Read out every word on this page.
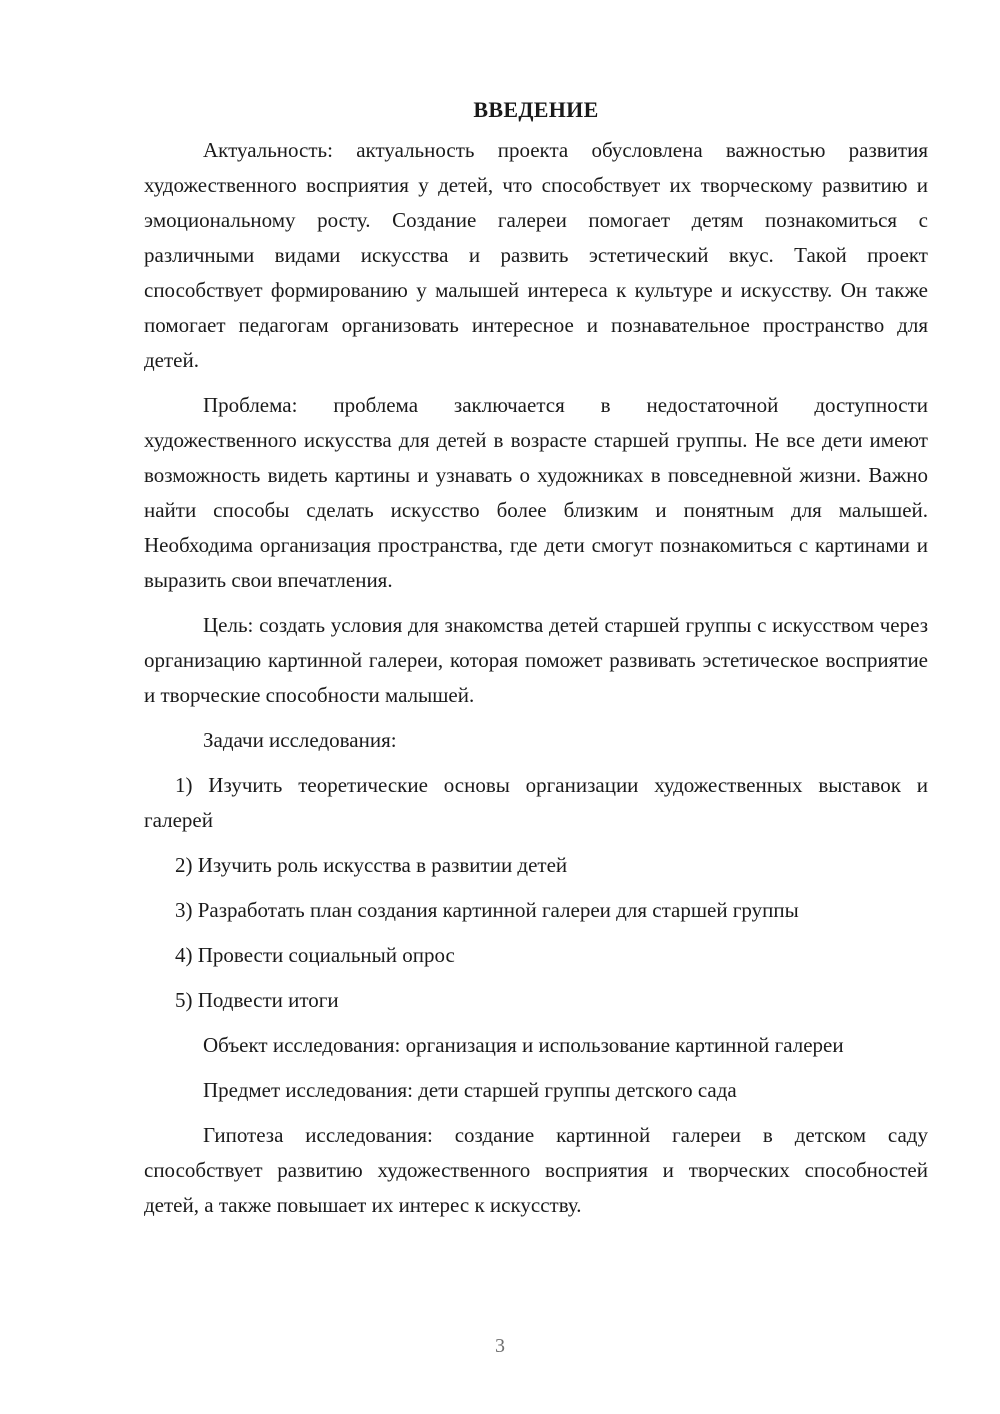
ВВЕДЕНИЕ

Актуальность: актуальность проекта обусловлена важностью развития художественного восприятия у детей, что способствует их творческому развитию и эмоциональному росту. Создание галереи помогает детям познакомиться с различными видами искусства и развить эстетический вкус. Такой проект способствует формированию у малышей интереса к культуре и искусству. Он также помогает педагогам организовать интересное и познавательное пространство для детей.

Проблема: проблема заключается в недостаточной доступности художественного искусства для детей в возрасте старшей группы. Не все дети имеют возможность видеть картины и узнавать о художниках в повседневной жизни. Важно найти способы сделать искусство более близким и понятным для малышей. Необходима организация пространства, где дети смогут познакомиться с картинами и выразить свои впечатления.

Цель: создать условия для знакомства детей старшей группы с искусством через организацию картинной галереи, которая поможет развивать эстетическое восприятие и творческие способности малышей.

Задачи исследования:

1) Изучить теоретические основы организации художественных выставок и галерей

2) Изучить роль искусства в развитии детей

3) Разработать план создания картинной галереи для старшей группы

4) Провести социальный опрос

5) Подвести итоги

Объект исследования: организация и использование картинной галереи

Предмет исследования: дети старшей группы детского сада

Гипотеза исследования: создание картинной галереи в детском саду способствует развитию художественного восприятия и творческих способностей детей, а также повышает их интерес к искусству.

3
